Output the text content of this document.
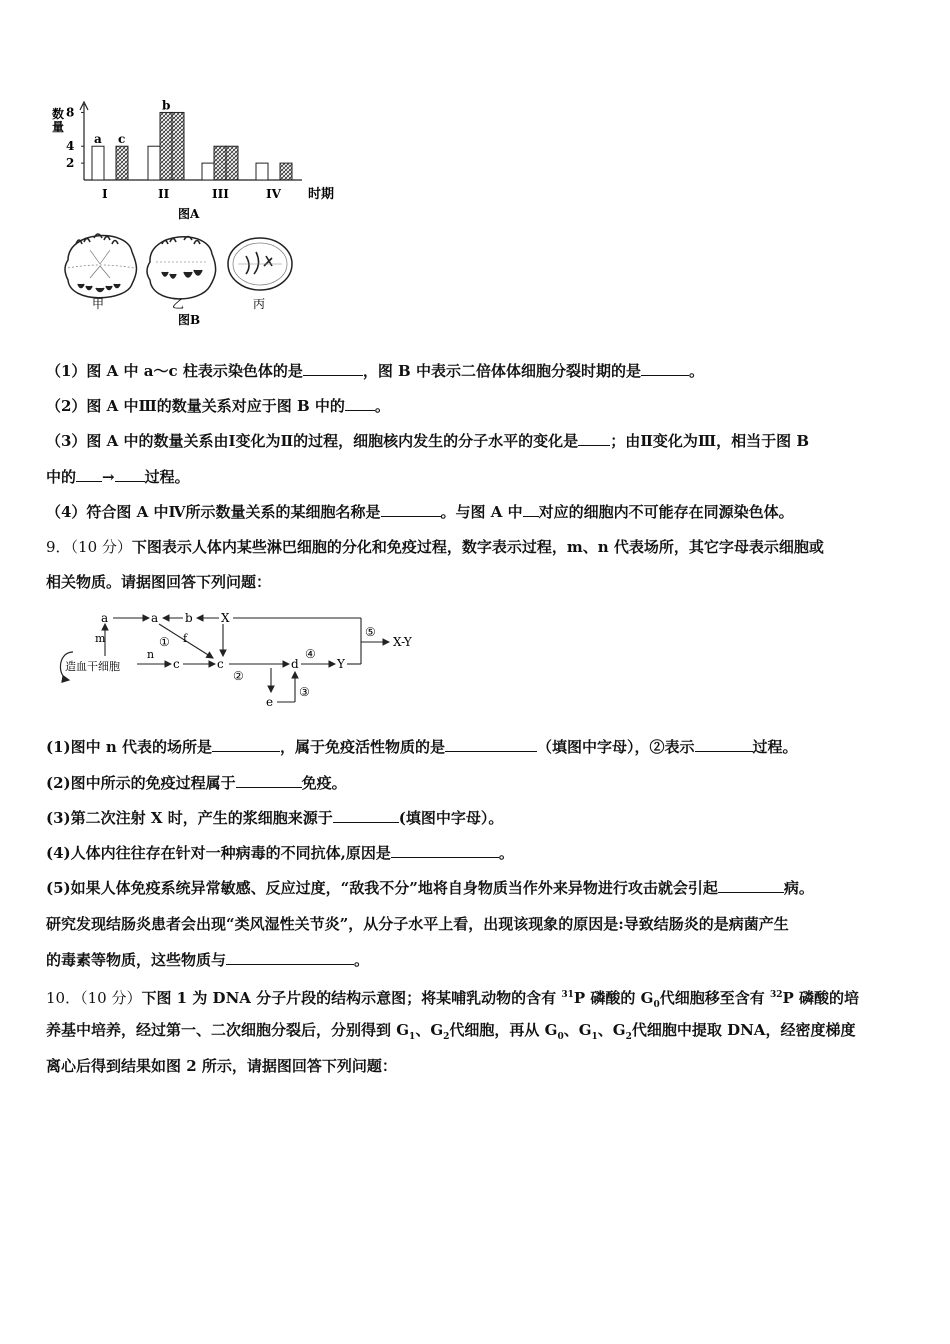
2
4
8
a c
I
b
II	III	IV
数
量
时期
图A
甲	乙	丙
图B
（1）图 A 中 a～c 柱表示染色体的是	，图 B 中表示二倍体体细胞分裂时期的是	。
（2）图 A 中Ⅲ的数量关系对应于图 B 中的 。
（3）图 A 中的数量关系由Ⅰ变化为Ⅱ的过程，细胞核内发生的分子水平的变化是 ；由Ⅱ变化为Ⅲ，相当于图 B
中的 → 过程。
（4）符合图 A 中Ⅳ所示数量关系的某细胞名称是	。与图 A 中 对应的细胞内不可能存在同源染色体。
9．（10 分）下图表示人体内某些淋巴细胞的分化和免疫过程，数字表示过程，m、n 代表场所，其它字母表示细胞或
相关物质。请据图回答下列问题：
造血干细胞
m
a	a b X
⑤
X-Y
f
①
n
c	c
②
d
④
Y
e
③
(1)图中 n 代表的场所是	，属于免疫活性物质的是	（填图中字母），②表示	过程。
(2)图中所示的免疫过程属于	免疫。
(3)第二次注射 X 时，产生的浆细胞来源于	(填图中字母）。
(4)人体内往往存在针对一种病毒的不同抗体,原因是	。
(5)如果人体免疫系统异常敏感、反应过度，“敌我不分”地将自身物质当作外来异物进行攻击就会引起	病。
研究发现结肠炎患者会出现“类风湿性关节炎”，从分子水平上看，出现该现象的原因是:导致结肠炎的是病菌产生
的毒素等物质，这些物质与	。
10．（10 分）下图 1 为 DNA 分子片段的结构示意图；将某哺乳动物的含有 $^{31}$P 磷酸的 $G_0$代细胞移至含有 $^{32}$P 磷酸的培
养基中培养，经过第一、二次细胞分裂后，分别得到 $G_1$、$G_2$代细胞，再从 $G_0$、$G_1$、$G_2$代细胞中提取 DNA，经密度梯度
离心后得到结果如图 2 所示，请据图回答下列问题：
